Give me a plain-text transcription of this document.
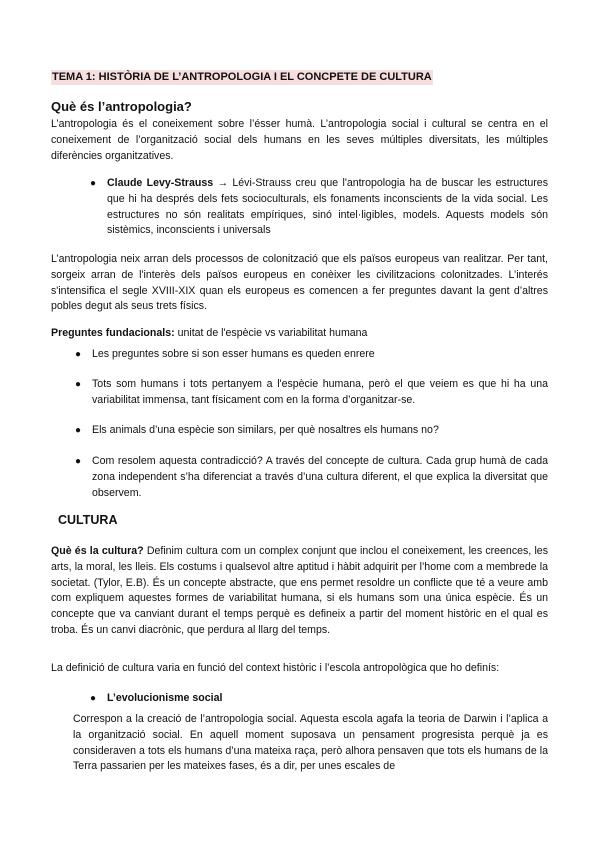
TEMA 1: HISTÒRIA DE L’ANTROPOLOGIA I EL CONCPETE DE CULTURA
Què és l’antropologia?
L’antropologia és el coneixement sobre l’ésser humà. L’antropologia social i cultural se centra en el coneixement de l’organització social dels humans en les seves múltiples diversitats, les múltiples diferències organitzatives.
● Claude Levy-Strauss → Lévi-Strauss creu que l'antropologia ha de buscar les estructures que hi ha després dels fets socioculturals, els fonaments inconscients de la vida social. Les estructures no són realitats empíriques, sinó intel·ligibles, models. Aquests models són sistèmics, inconscients i universals
L’antropologia neix arran dels processos de colonització que els països europeus van realitzar. Per tant, sorgeix arran de l'interès dels països europeus en conèixer les civilitzacions colonitzades. L’interés s'intensifica el segle XVIII-XIX quan els europeus es comencen a fer preguntes davant la gent d’altres pobles degut als seus trets físics.
Preguntes fundacionals: unitat de l'espècie vs variabilitat humana
● Les preguntes sobre si son esser humans es queden enrere
● Tots som humans i tots pertanyem a l'espècie humana, però el que veiem es que hi ha una variabilitat immensa, tant físicament com en la forma d’organitzar-se.
● Els animals d’una espècie son similars, per què nosaltres els humans no?
● Com resolem aquesta contradicció? A través del concepte de cultura. Cada grup humà de cada zona independent s’ha diferenciat a través d’una cultura diferent, el que explica la diversitat que observem.
CULTURA
Què és la cultura? Definim cultura com un complex conjunt que inclou el coneixement, les creences, les arts, la moral, les lleis. Els costums i qualsevol altre aptitud i hàbit adquirit per l’home com a membrede la societat. (Tylor, E.B). És un concepte abstracte, que ens permet resoldre un conflicte que té a veure amb com expliquem aquestes formes de variabilitat humana, si els humans som una única espècie. És un concepte que va canviant durant el temps perquè es defineix a partir del moment històric en el qual es troba. És un canvi diacrònic, que perdura al llarg del temps.
La definició de cultura varia en funció del context històric i l’escola antropològica que ho definís:
● L’evolucionisme social
Correspon a la creació de l’antropologia social. Aquesta escola agafa la teoria de Darwin i l’aplica a la organització social. En aquell moment suposava un pensament progresista perquè ja es consideraven a tots els humans d’una mateixa raça, però alhora pensaven que tots els humans de la Terra passarien per les mateixes fases, és a dir, per unes escales de
